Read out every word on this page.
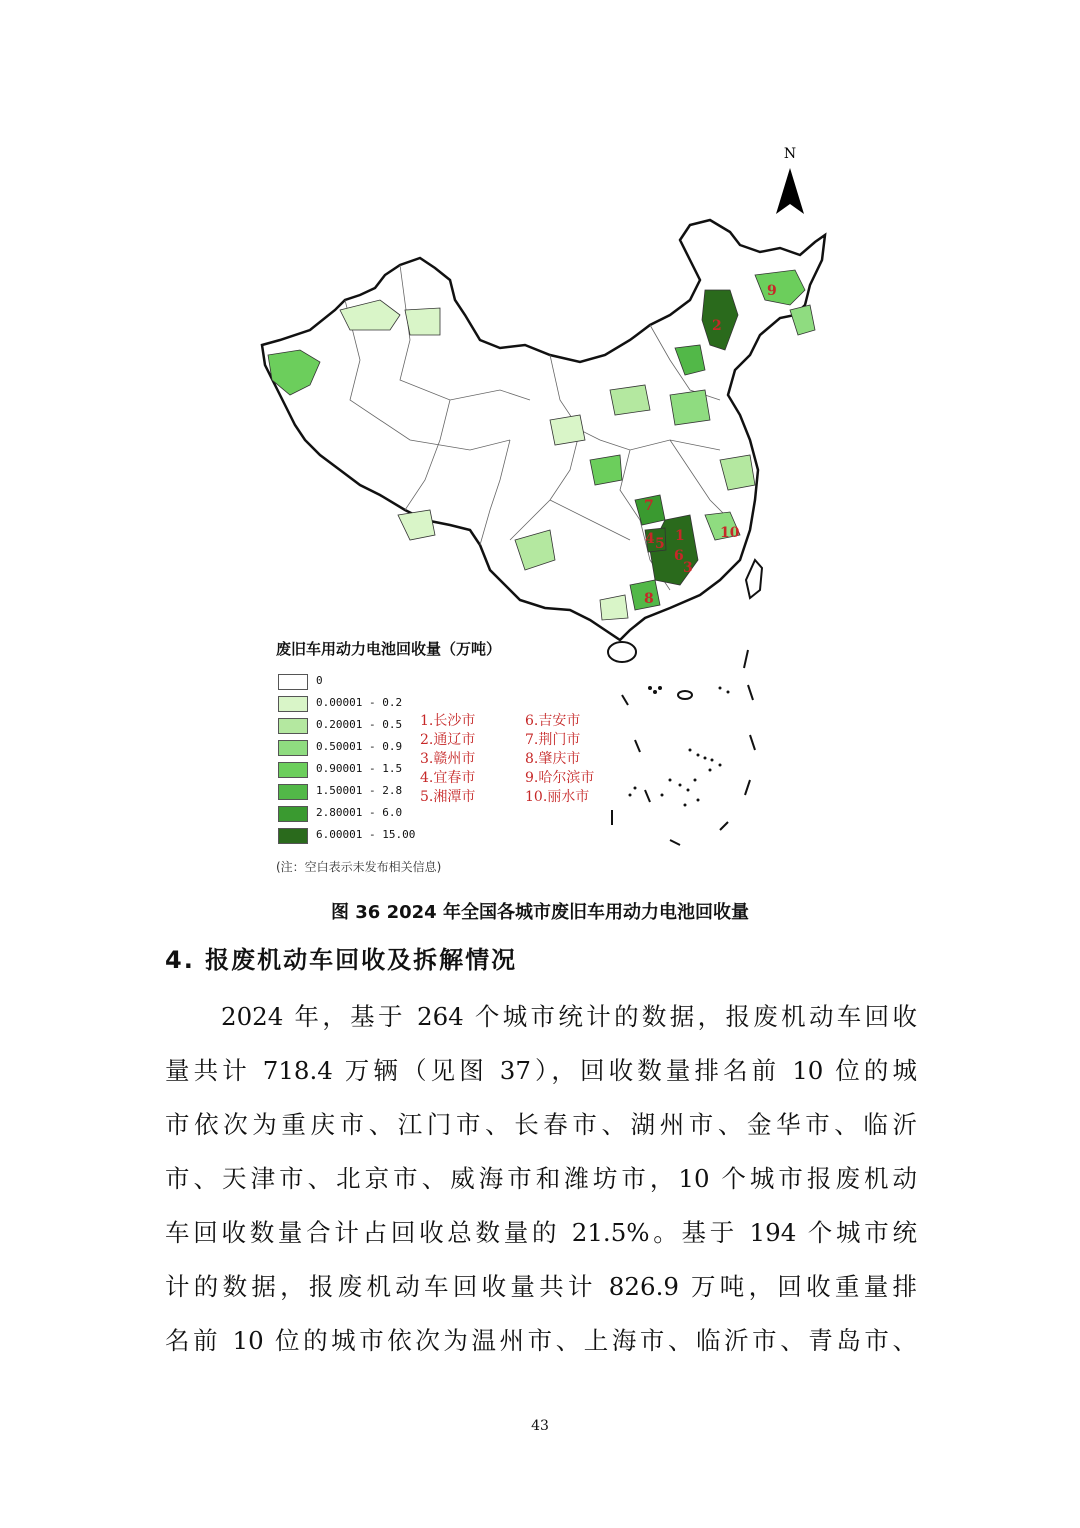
N
1
2
3
4 5
6
7
8
9
10
废旧车用动力电池回收量（万吨）
0
0.00001 - 0.2
0.20001 - 0.5
0.50001 - 0.9
0.90001 - 1.5
1.50001 - 2.8
2.80001 - 6.0
6.00001 - 15.00
1.长沙市
2.通辽市
3.赣州市
4.宜春市
5.湘潭市
6.吉安市
7.荆门市
8.肇庆市
9.哈尔滨市
10.丽水市
(注：空白表示未发布相关信息)
图 36 2024 年全国各城市废旧车用动力电池回收量
4. 报废机动车回收及拆解情况
2024 年，基于 264 个城市统计的数据，报废机动车回收
量共计 718.4 万辆（见图 37），回收数量排名前 10 位的城
市依次为重庆市、江门市、长春市、湖州市、金华市、临沂
市、天津市、北京市、威海市和潍坊市，10 个城市报废机动
车回收数量合计占回收总数量的 21.5%。基于 194 个城市统
计的数据，报废机动车回收量共计 826.9 万吨，回收重量排
名前 10 位的城市依次为温州市、上海市、临沂市、青岛市、
43
